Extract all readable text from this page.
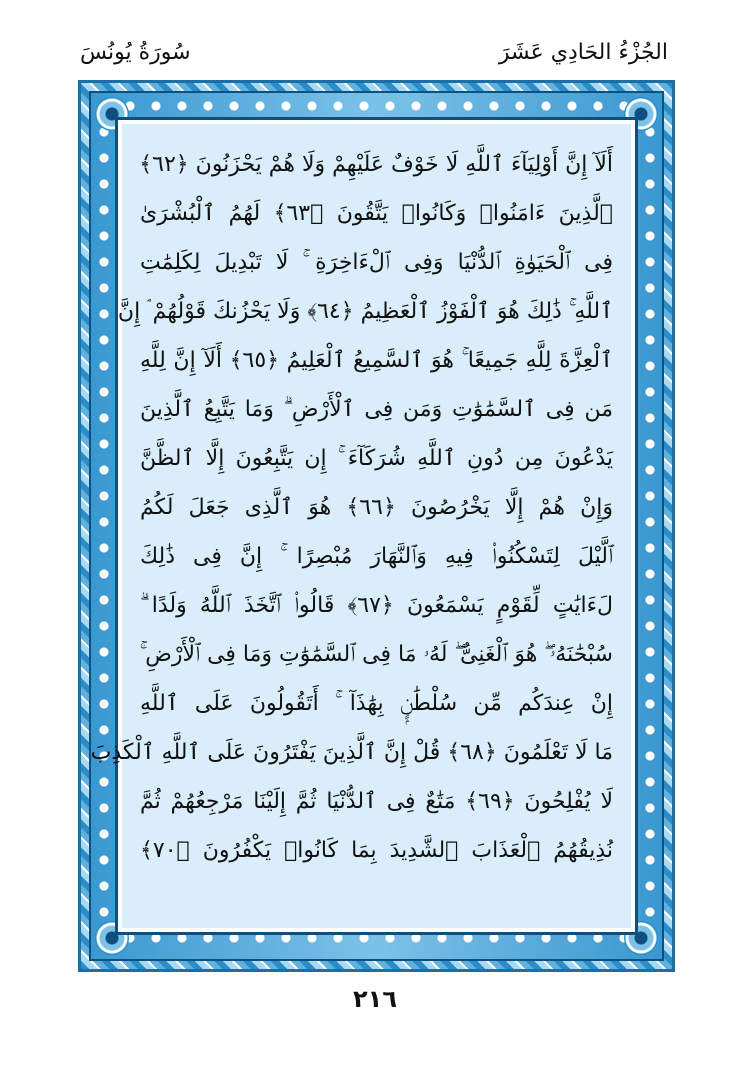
سُورَةُ يُونُسَ	الجُزْءُ الحَادِي عَشَرَ
أَلَآ إِنَّ أَوْلِيَآءَ ٱللَّهِ لَا خَوْفٌ عَلَيْهِمْ وَلَا هُمْ يَحْزَنُونَ ﴿٦٢﴾
ٱلَّذِينَ ءَامَنُوا۟ وَكَانُوا۟ يَتَّقُونَ ﴿٦٣﴾ لَهُمُ ٱلْبُشْرَىٰ
فِى ٱلْحَيَوٰةِ ٱلدُّنْيَا وَفِى ٱلْءَاخِرَةِ ۚ لَا تَبْدِيلَ لِكَلِمَٰتِ
ٱللَّهِ ۚ ذَٰلِكَ هُوَ ٱلْفَوْزُ ٱلْعَظِيمُ ﴿٦٤﴾ وَلَا يَحْزُنكَ قَوْلُهُمْ ۘ إِنَّ
ٱلْعِزَّةَ لِلَّهِ جَمِيعًا ۚ هُوَ ٱلسَّمِيعُ ٱلْعَلِيمُ ﴿٦٥﴾ أَلَآ إِنَّ لِلَّهِ
مَن فِى ٱلسَّمَٰوَٰتِ وَمَن فِى ٱلْأَرْضِ ۗ وَمَا يَتَّبِعُ ٱلَّذِينَ
يَدْعُونَ مِن دُونِ ٱللَّهِ شُرَكَآءَ ۚ إِن يَتَّبِعُونَ إِلَّا ٱلظَّنَّ
وَإِنْ هُمْ إِلَّا يَخْرُصُونَ ﴿٦٦﴾ هُوَ ٱلَّذِى جَعَلَ لَكُمُ
ٱلَّيْلَ لِتَسْكُنُوا۟ فِيهِ وَٱلنَّهَارَ مُبْصِرًا ۚ إِنَّ فِى ذَٰلِكَ
لَءَايَٰتٍ لِّقَوْمٍ يَسْمَعُونَ ﴿٦٧﴾ قَالُوا۟ ٱتَّخَذَ ٱللَّهُ وَلَدًا ۗ
سُبْحَٰنَهُۥ ۖ هُوَ ٱلْغَنِىُّ ۖ لَهُۥ مَا فِى ٱلسَّمَٰوَٰتِ وَمَا فِى ٱلْأَرْضِ ۚ
إِنْ عِندَكُم مِّن سُلْطَٰنٍۭ بِهَٰذَآ ۚ أَتَقُولُونَ عَلَى ٱللَّهِ
مَا لَا تَعْلَمُونَ ﴿٦٨﴾ قُلْ إِنَّ ٱلَّذِينَ يَفْتَرُونَ عَلَى ٱللَّهِ ٱلْكَذِبَ
لَا يُفْلِحُونَ ﴿٦٩﴾ مَتَٰعٌ فِى ٱلدُّنْيَا ثُمَّ إِلَيْنَا مَرْجِعُهُمْ ثُمَّ
نُذِيقُهُمُ ٱلْعَذَابَ ٱلشَّدِيدَ بِمَا كَانُوا۟ يَكْفُرُونَ ﴿٧٠﴾
٢١٦
